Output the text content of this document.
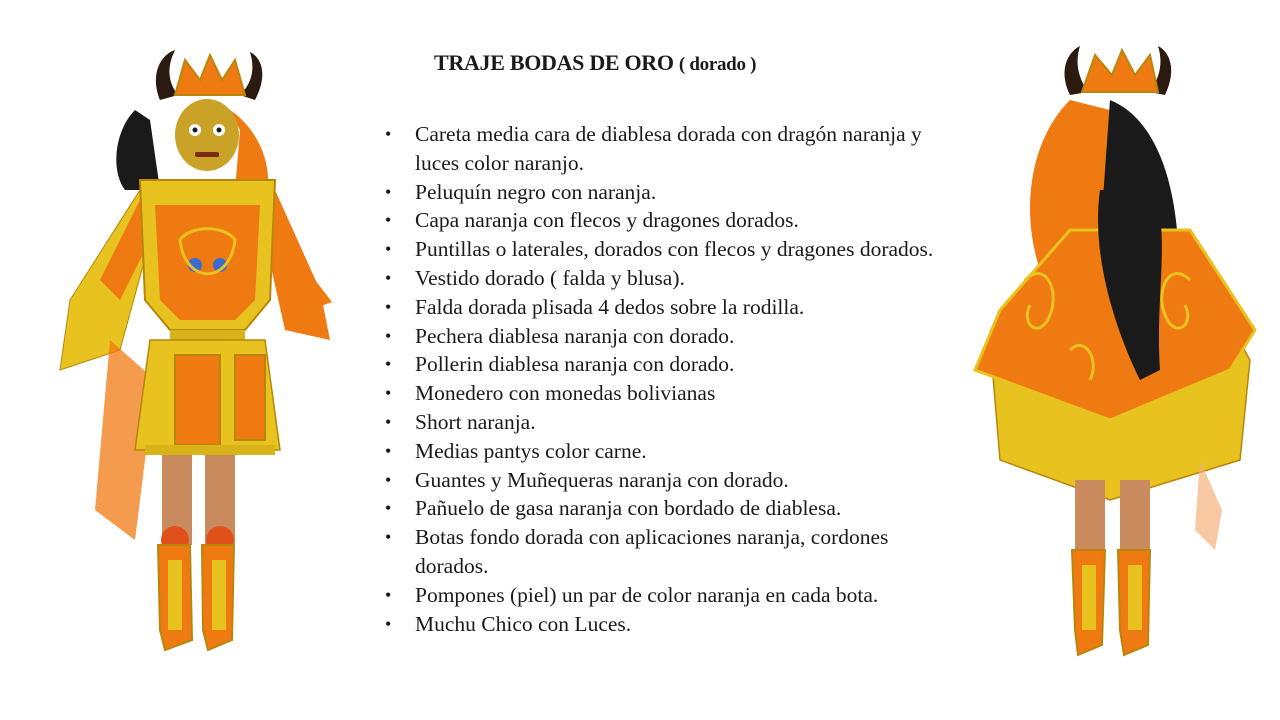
TRAJE BODAS DE ORO ( dorado )
• Careta media cara de diablesa dorada con dragón naranja y luces color naranjo.
• Peluquín negro con naranja.
• Capa naranja con flecos y dragones dorados.
• Puntillas o laterales, dorados con flecos y dragones dorados.
• Vestido dorado ( falda y blusa).
• Falda dorada plisada 4 dedos sobre la rodilla.
• Pechera diablesa naranja con dorado.
• Pollerin diablesa naranja con dorado.
• Monedero con monedas bolivianas
• Short naranja.
• Medias pantys color carne.
• Guantes y Muñequeras naranja con dorado.
• Pañuelo de gasa naranja con bordado de diablesa.
• Botas fondo dorada con aplicaciones naranja, cordones dorados.
• Pompones (piel) un par de color naranja en cada bota.
• Muchu Chico con Luces.
